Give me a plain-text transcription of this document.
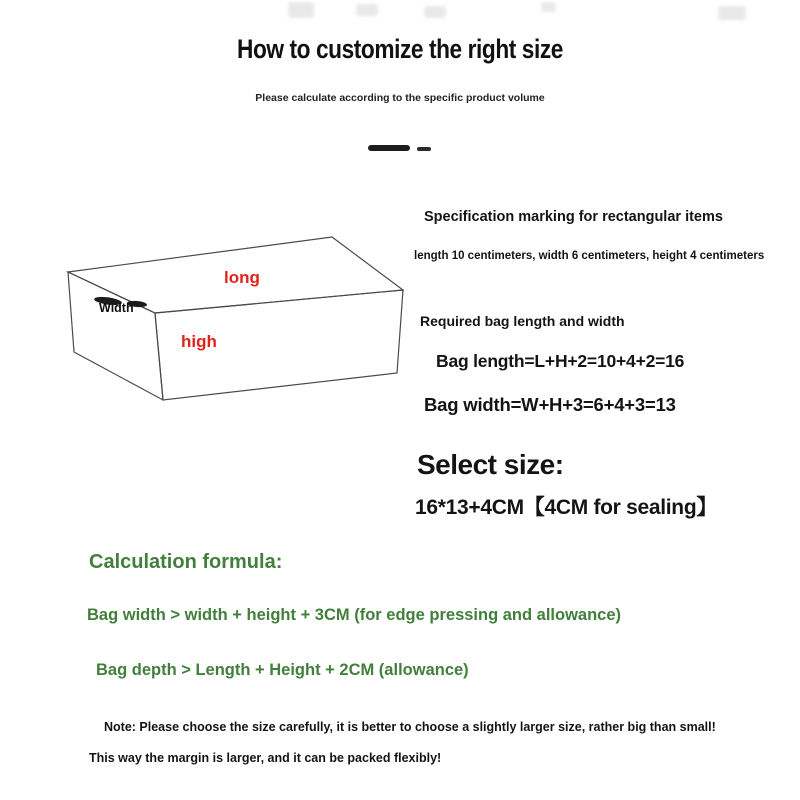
How to customize the right size
Please calculate according to the specific product volume
long
Width
high
Specification marking for rectangular items
length 10 centimeters, width 6 centimeters, height 4 centimeters
Required bag length and width
Bag length=L+H+2=10+4+2=16
Bag width=W+H+3=6+4+3=13
Select size:
16*13+4CM【4CM for sealing】
Calculation formula:
Bag width > width + height + 3CM (for edge pressing and allowance)
Bag depth > Length + Height + 2CM (allowance)
Note: Please choose the size carefully, it is better to choose a slightly larger size, rather big than small!
This way the margin is larger, and it can be packed flexibly!
